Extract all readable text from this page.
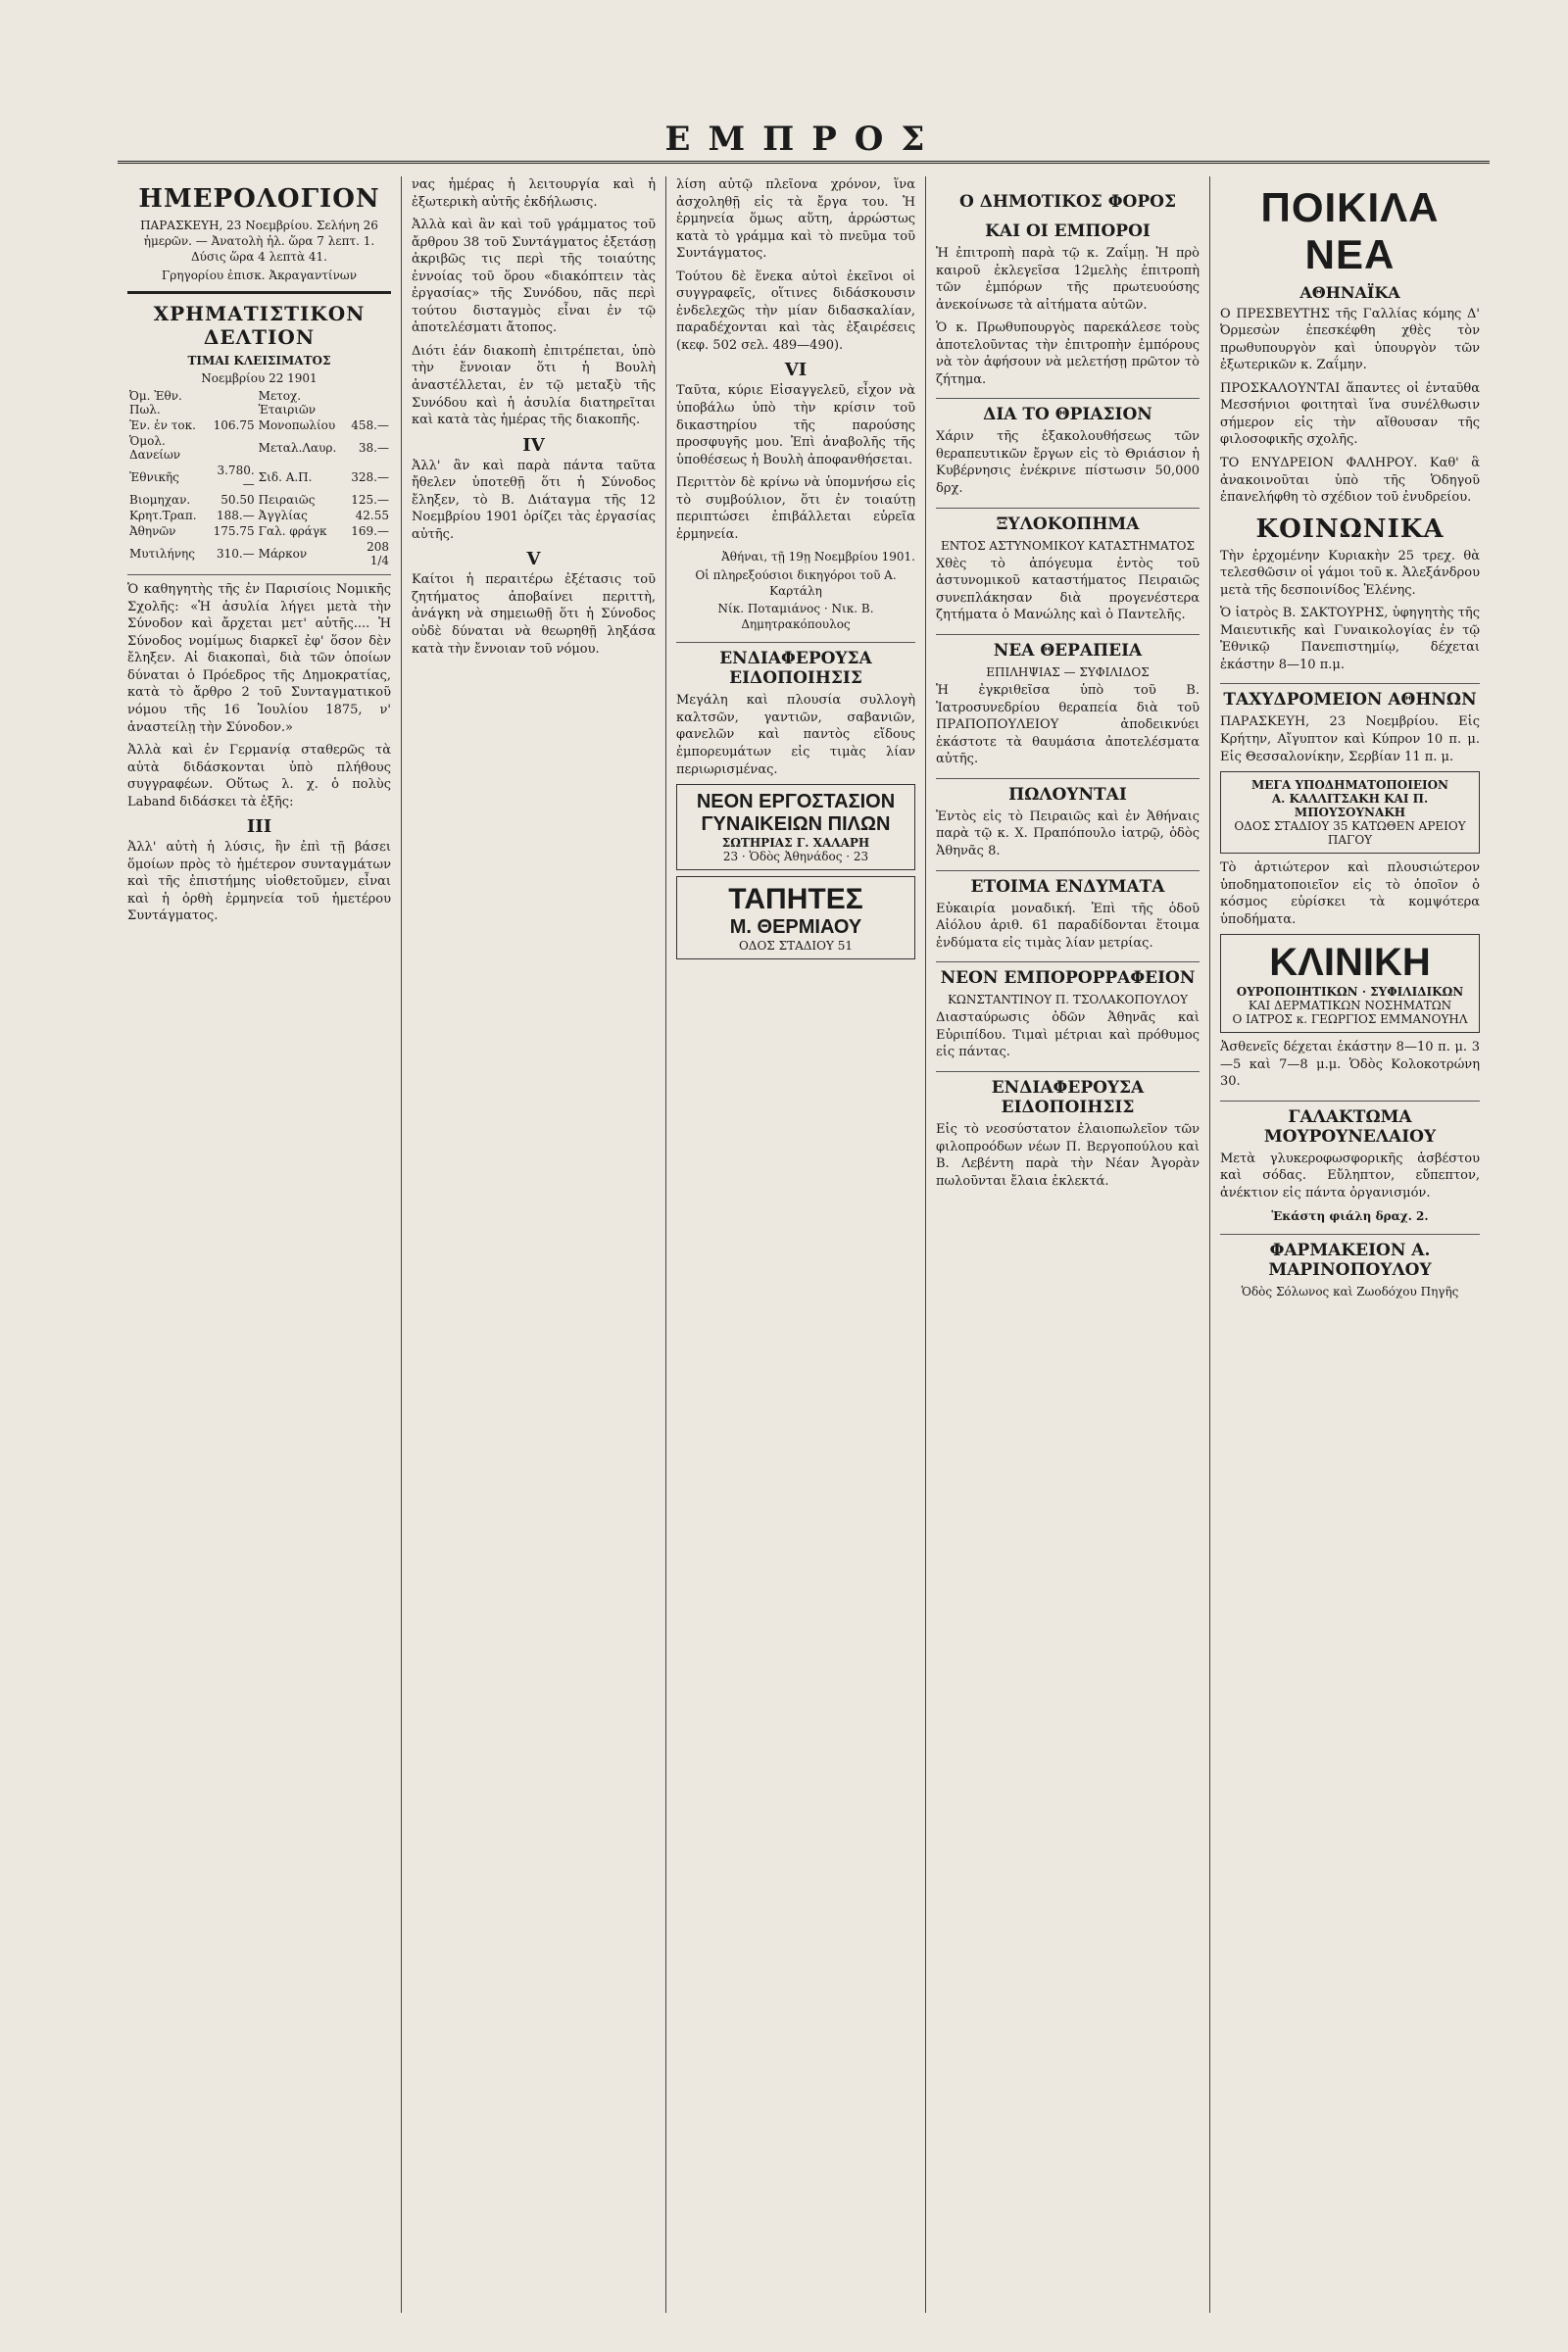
ΕΜΠΡΟΣ
ΗΜΕΡΟΛΟΓΙΟΝ

ΠΑΡΑΣΚΕΥΗ, 23 Νοεμβρίου. Σελήνη 26 ἡμερῶν. — Ἀνατολὴ ἡλ. ὥρα 7 λεπτ. 1. Δύσις ὥρα 4 λεπτὰ 41.

Γρηγορίου ἐπισκ. Ἀκραγαντίνων

ΧΡΗΜΑΤΙΣΤΙΚΟΝ ΔΕΛΤΙΟΝ

ΤΙΜΑΙ ΚΛΕΙΣΙΜΑΤΟΣ

Νοεμβρίου 22 1901

Ὀμ. Ἐθν. Πωλ.		Μετοχ. Ἑταιριῶν	
Ἐν. ἐν τοκ.	106.75	Μονοπωλίου	458.—
Ὁμολ. Δανείων		Μεταλ.Λαυρ.	38.—
Ἐθνικῆς	3.780.—	Σιδ. Α.Π.	328.—
Βιομηχαν.	50.50	Πειραιῶς	125.—
Κρητ.Τραπ.	188.—	Ἀγγλίας	42.55
Ἀθηνῶν	175.75	Γαλ. φράγκ	169.—
Μυτιλήνης	310.—	Μάρκον	208 1/4

Ὁ καθηγητὴς τῆς ἐν Παρισίοις Νομικῆς Σχολῆς: «Ἡ ἀσυλία λήγει μετὰ τὴν Σύνοδον καὶ ἄρχεται μετ' αὐτῆς.... Ἡ Σύνοδος νομίμως διαρκεῖ ἐφ' ὅσον δὲν ἔληξεν. Αἱ διακοπαὶ, διὰ τῶν ὁποίων δύναται ὁ Πρόεδρος τῆς Δημοκρατίας, κατὰ τὸ ἄρθρο 2 τοῦ Συνταγματικοῦ νόμου τῆς 16 Ἰουλίου 1875, ν' ἀναστείλῃ τὴν Σύνοδον.»

Ἀλλὰ καὶ ἐν Γερμανίᾳ σταθερῶς τὰ αὐτὰ διδάσκονται ὑπὸ πλήθους συγγραφέων. Οὕτως λ. χ. ὁ πολὺς Laband διδάσκει τὰ ἑξῆς:

ΙΙΙ

Ἀλλ' αὐτὴ ἡ λύσις, ἣν ἐπὶ τῇ βάσει ὅμοίων πρὸς τὸ ἡμέτερον συνταγμάτων καὶ τῆς ἐπιστήμης υἱοθετοῦμεν, εἶναι καὶ ἡ ὀρθὴ ἑρμηνεία τοῦ ἡμετέρου Συντάγματος.

νας ἡμέρας ἡ λειτουργία καὶ ἡ ἐξωτερικὴ αὐτῆς ἐκδήλωσις.

Ἀλλὰ καὶ ἂν καὶ τοῦ γράμματος τοῦ ἄρθρου 38 τοῦ Συντάγματος ἐξετάσῃ ἀκριβῶς τις περὶ τῆς τοιαύτης ἐννοίας τοῦ ὅρου «διακόπτειν τὰς ἐργασίας» τῆς Συνόδου, πᾶς περὶ τούτου δισταγμὸς εἶναι ἐν τῷ ἀποτελέσματι ἄτοπος.

Διότι ἐάν διακοπὴ ἐπιτρέπεται, ὑπὸ τὴν ἔννοιαν ὅτι ἡ Βουλὴ ἀναστέλλεται, ἐν τῷ μεταξὺ τῆς Συνόδου καὶ ἡ ἀσυλία διατηρεῖται καὶ κατὰ τὰς ἡμέρας τῆς διακοπῆς.

IV

Ἀλλ' ἂν καὶ παρὰ πάντα ταῦτα ἤθελεν ὑποτεθῇ ὅτι ἡ Σύνοδος ἔληξεν, τὸ Β. Διάταγμα τῆς 12 Νοεμβρίου 1901 ὁρίζει τὰς ἐργασίας αὐτῆς.

V

Καίτοι ἡ περαιτέρω ἐξέτασις τοῦ ζητήματος ἀποβαίνει περιττὴ, ἀνάγκη νὰ σημειωθῇ ὅτι ἡ Σύνοδος οὐδὲ δύναται νὰ θεωρηθῇ ληξάσα κατὰ τὴν ἔννοιαν τοῦ νόμου.

λίση αὐτῷ πλεῖονα χρόνον, ἵνα ἀσχοληθῇ εἰς τὰ ἔργα του. Ἡ ἑρμηνεία ὅμως αὕτη, ἀρρώστως κατὰ τὸ γράμμα καὶ τὸ πνεῦμα τοῦ Συντάγματος.

Τούτου δὲ ἕνεκα αὐτοὶ ἐκεῖνοι οἱ συγγραφεῖς, οἵτινες διδάσκουσιν ἐνδελεχῶς τὴν μίαν διδασκαλίαν, παραδέχονται καὶ τὰς ἐξαιρέσεις (κεφ. 502 σελ. 489—490).

VI

Ταῦτα, κύριε Εἰσαγγελεῦ, εἶχον νὰ ὑποβάλω ὑπὸ τὴν κρίσιν τοῦ δικαστηρίου τῆς παρούσης προσφυγῆς μου. Ἐπὶ ἀναβολῆς τῆς ὑποθέσεως ἡ Βουλὴ ἀποφανθήσεται.

Περιττὸν δὲ κρίνω νὰ ὑπομνήσω εἰς τὸ συμβούλιον, ὅτι ἐν τοιαύτῃ περιπτώσει ἐπιβάλλεται εὐρεῖα ἑρμηνεία.

Ἀθήναι, τῇ 19ῃ Νοεμβρίου 1901.

Οἱ πληρεξούσιοι δικηγόροι τοῦ Α. Καρτάλη

Νίκ. Ποταμιάνος · Νικ. Β. Δημητρακόπουλος

ΕΝΔΙΑΦΕΡΟΥΣΑ ΕΙΔΟΠΟΙΗΣΙΣ

Μεγάλη καὶ πλουσία συλλογὴ καλτσῶν, γαντιῶν, σαβανιῶν, φανελῶν καὶ παντὸς εἴδους ἐμπορευμάτων εἰς τιμὰς λίαν περιωρισμένας.

ΝΕΟΝ ΕΡΓΟΣΤΑΣΙΟΝ
ΓΥΝΑΙΚΕΙΩΝ ΠΙΛΩΝ
ΣΩΤΗΡΙΑΣ Γ. ΧΑΛΑΡΗ
23 · Ὁδὸς Ἀθηνάδος · 23
ΤΑΠΗΤΕΣ
Μ. ΘΕΡΜΙΑΟΥ
ΟΔΟΣ ΣΤΑΔΙΟΥ 51
Ο ΔΗΜΟΤΙΚΟΣ ΦΟΡΟΣ
ΚΑΙ ΟΙ ΕΜΠΟΡΟΙ

Ἡ ἐπιτροπὴ παρὰ τῷ κ. Ζαΐμῃ. Ἡ πρὸ καιροῦ ἐκλεγεῖσα 12μελὴς ἐπιτροπὴ τῶν ἐμπόρων τῆς πρωτευούσης ἀνεκοίνωσε τὰ αἰτήματα αὐτῶν.

Ὁ κ. Πρωθυπουργὸς παρεκάλεσε τοὺς ἀποτελοῦντας τὴν ἐπιτροπὴν ἐμπόρους νὰ τὸν ἀφήσουν νὰ μελετήσῃ πρῶτον τὸ ζήτημα.

ΔΙΑ ΤΟ ΘΡΙΑΣΙΟΝ

Χάριν τῆς ἐξακολουθήσεως τῶν θεραπευτικῶν ἔργων εἰς τὸ Θριάσιον ἡ Κυβέρνησις ἐνέκρινε πίστωσιν 50,000 δρχ.

ΞΥΛΟΚΟΠΗΜΑ

ΕΝΤΟΣ ΑΣΤΥΝΟΜΙΚΟΥ ΚΑΤΑΣΤΗΜΑΤΟΣ

Χθὲς τὸ ἀπόγευμα ἐντὸς τοῦ ἀστυνομικοῦ καταστήματος Πειραιῶς συνεπλάκησαν διὰ προγενέστερα ζητήματα ὁ Μανώλης καὶ ὁ Παντελῆς.

ΝΕΑ ΘΕΡΑΠΕΙΑ

ΕΠΙΛΗΨΙΑΣ — ΣΥΦΙΛΙΔΟΣ

Ἡ ἐγκριθεῖσα ὑπὸ τοῦ Β. Ἰατροσυνεδρίου θεραπεία διὰ τοῦ ΠΡΑΠΟΠΟΥΛΕΙΟΥ ἀποδεικνύει ἑκάστοτε τὰ θαυμάσια ἀποτελέσματα αὐτῆς.

ΠΩΛΟΥΝΤΑΙ

Ἐντὸς εἰς τὸ Πειραιῶς καὶ ἐν Ἀθήναις παρὰ τῷ κ. Χ. Πραπόπουλο ἰατρῷ, ὁδὸς Ἀθηνᾶς 8.

ΕΤΟΙΜΑ ΕΝΔΥΜΑΤΑ

Εὐκαιρία μοναδική. Ἐπὶ τῆς ὁδοῦ Αἰόλου ἀριθ. 61 παραδίδονται ἕτοιμα ἐνδύματα εἰς τιμὰς λίαν μετρίας.

ΝΕΟΝ ΕΜΠΟΡΟΡΡΑΦΕΙΟΝ

ΚΩΝΣΤΑΝΤΙΝΟΥ Π. ΤΣΟΛΑΚΟΠΟΥΛΟΥ

Διασταύρωσις ὁδῶν Ἀθηνᾶς καὶ Εὐριπίδου. Τιμαὶ μέτριαι καὶ πρόθυμος εἰς πάντας.

ΕΝΔΙΑΦΕΡΟΥΣΑ ΕΙΔΟΠΟΙΗΣΙΣ

Εἰς τὸ νεοσύστατον ἐλαιοπωλεῖον τῶν φιλοπροόδων νέων Π. Βεργοπούλου καὶ Β. Λεβέντη παρὰ τὴν Νέαν Ἀγορὰν πωλοῦνται ἔλαια ἐκλεκτά.

ΠΟΙΚΙΛΑ ΝΕΑ

ΑΘΗΝΑΪΚΑ

Ο ΠΡΕΣΒΕΥΤΗΣ τῆς Γαλλίας κόμης Δ' Ὀρμεσὼν ἐπεσκέφθη χθὲς τὸν πρωθυπουργὸν καὶ ὑπουργὸν τῶν ἐξωτερικῶν κ. Ζαΐμην.

ΠΡΟΣΚΑΛΟΥΝΤΑΙ ἅπαντες οἱ ἐνταῦθα Μεσσήνιοι φοιτηταὶ ἵνα συνέλθωσιν σήμερον εἰς τὴν αἴθουσαν τῆς φιλοσοφικῆς σχολῆς.

ΤΟ ΕΝΥΔΡΕΙΟΝ ΦΑΛΗΡΟΥ. Καθ' ἃ ἀνακοινοῦται ὑπὸ τῆς Ὁδηγοῦ ἐπανελήφθη τὸ σχέδιον τοῦ ἐνυδρείου.

ΚΟΙΝΩΝΙΚΑ

Τὴν ἐρχομένην Κυριακὴν 25 τρεχ. θὰ τελεσθῶσιν οἱ γάμοι τοῦ κ. Ἀλεξάνδρου μετὰ τῆς δεσποινίδος Ἑλένης.

Ὁ ἰατρὸς Β. ΣΑΚΤΟΥΡΗΣ, ὑφηγητὴς τῆς Μαιευτικῆς καὶ Γυναικολογίας ἐν τῷ Ἐθνικῷ Πανεπιστημίῳ, δέχεται ἑκάστην 8—10 π.μ.

ΤΑΧΥΔΡΟΜΕΙΟΝ ΑΘΗΝΩΝ

ΠΑΡΑΣΚΕΥΗ, 23 Νοεμβρίου. Εἰς Κρήτην, Αἴγυπτον καὶ Κύπρον 10 π. μ. Εἰς Θεσσαλονίκην, Σερβίαν 11 π. μ.

ΜΕΓΑ ΥΠΟΔΗΜΑΤΟΠΟΙΕΙΟΝ
Α. ΚΑΛΛΙΤΣΑΚΗ ΚΑΙ Π. ΜΠΟΥΣΟΥΝΑΚΗ
ΟΔΟΣ ΣΤΑΔΙΟΥ 35 ΚΑΤΩΘΕΝ ΑΡΕΙΟΥ ΠΑΓΟΥ

Τὸ ἀρτιώτερον καὶ πλουσιώτερον ὑποδηματοποιεῖον εἰς τὸ ὁποῖον ὁ κόσμος εὑρίσκει τὰ κομψότερα ὑποδήματα.

ΚΛΙΝΙΚΗ
ΟΥΡΟΠΟΙΗΤΙΚΩΝ · ΣΥΦΙΛΙΔΙΚΩΝ
ΚΑΙ ΔΕΡΜΑΤΙΚΩΝ ΝΟΣΗΜΑΤΩΝ
Ο ΙΑΤΡΟΣ κ. ΓΕΩΡΓΙΟΣ ΕΜΜΑΝΟΥΗΛ

Ἀσθενεῖς δέχεται ἑκάστην 8—10 π. μ. 3—5 καὶ 7—8 μ.μ. Ὁδὸς Κολοκοτρώνη 30.

ΓΑΛΑΚΤΩΜΑ ΜΟΥΡΟΥΝΕΛΑΙΟΥ

Μετὰ γλυκεροφωσφορικῆς ἀσβέστου καὶ σόδας. Εὔληπτον, εὔπεπτον, ἀνέκτιον εἰς πάντα ὀργανισμόν.

Ἑκάστη φιάλη δραχ. 2.

ΦΑΡΜΑΚΕΙΟΝ Α. ΜΑΡΙΝΟΠΟΥΛΟΥ

Ὁδὸς Σόλωνος καὶ Ζωοδόχου Πηγῆς
